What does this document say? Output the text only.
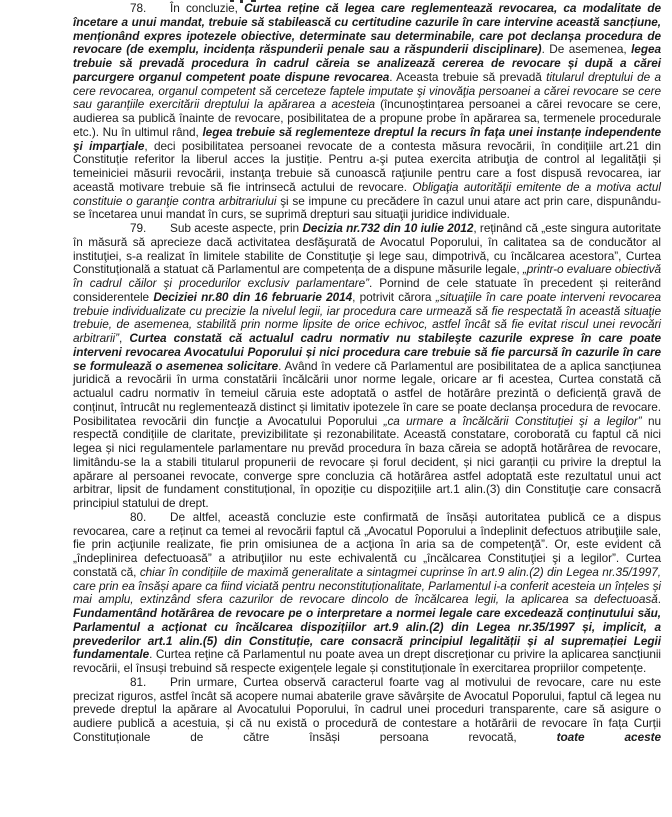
78. În concluzie, Curtea reține că legea care reglementează revocarea, ca modalitate de încetare a unui mandat, trebuie să stabilească cu certitudine cazurile în care intervine această sancțiune, menționând expres ipotezele obiective, determinate sau determinabile, care pot declanșa procedura de revocare (de exemplu, incidența răspunderii penale sau a răspunderii disciplinare). De asemenea, legea trebuie să prevadă procedura în cadrul căreia se analizează cererea de revocare și după a cărei parcurgere organul competent poate dispune revocarea. Aceasta trebuie să prevadă titularul dreptului de a cere revocarea, organul competent să cerceteze faptele imputate şi vinovăţia persoanei a cărei revocare se cere sau garanțiile exercitării dreptului la apărarea a acesteia (încunoștințarea persoanei a cărei revocare se cere, audierea sa publică înainte de revocare, posibilitatea de a propune probe în apărarea sa, termenele procedurale etc.). Nu în ultimul rând, legea trebuie să reglementeze dreptul la recurs în faţa unei instanțe independente şi imparţiale, deci posibilitatea persoanei revocate de a contesta măsura revocării, în condițiile art.21 din Constituție referitor la liberul acces la justiție. Pentru a-şi putea exercita atribuţia de control al legalităţii și temeiniciei măsurii revocării, instanţa trebuie să cunoască raţiunile pentru care a fost dispusă revocarea, iar această motivare trebuie să fie intrinsecă actului de revocare. Obligaţia autorităţii emitente de a motiva actul constituie o garanţie contra arbitrariului şi se impune cu precădere în cazul unui atare act prin care, dispunându-se încetarea unui mandat în curs, se suprimă drepturi sau situaţii juridice individuale.

79. Sub aceste aspecte, prin Decizia nr.732 din 10 iulie 2012, reținând că „este singura autoritate în măsură să aprecieze dacă activitatea desfăşurată de Avocatul Poporului, în calitatea sa de conducător al instituţiei, s-a realizat în limitele stabilite de Constituţie şi lege sau, dimpotrivă, cu încălcarea acestora”, Curtea Constituțională a statuat că Parlamentul are competența de a dispune măsurile legale, „printr-o evaluare obiectivă în cadrul căilor şi procedurilor exclusiv parlamentare”. Pornind de cele statuate în precedent și reiterând considerentele Deciziei nr.80 din 16 februarie 2014, potrivit cărora „situaţiile în care poate interveni revocarea trebuie individualizate cu precizie la nivelul legii, iar procedura care urmează să fie respectată în această situaţie trebuie, de asemenea, stabilită prin norme lipsite de orice echivoc, astfel încât să fie evitat riscul unei revocări arbitrarii”, Curtea constată că actualul cadru normativ nu stabileşte cazurile exprese în care poate interveni revocarea Avocatului Poporului și nici procedura care trebuie să fie parcursă în cazurile în care se formulează o asemenea solicitare. Având în vedere că Parlamentul are posibilitatea de a aplica sancțiunea juridică a revocării în urma constatării încălcării unor norme legale, oricare ar fi acestea, Curtea constată că actualul cadru normativ în temeiul căruia este adoptată o astfel de hotărâre prezintă o deficiență gravă de conținut, întrucât nu reglementează distinct și limitativ ipotezele în care se poate declanșa procedura de revocare. Posibilitatea revocării din funcţie a Avocatului Poporului „ca urmare a încălcării Constituţiei şi a legilor” nu respectă condițiile de claritate, previzibilitate și rezonabilitate. Această constatare, coroborată cu faptul că nici legea și nici regulamentele parlamentare nu prevăd procedura în baza căreia se adoptă hotărârea de revocare, limitându-se la a stabili titularul propunerii de revocare și forul decident, și nici garanții cu privire la dreptul la apărare al persoanei revocate, converge spre concluzia că hotărârea astfel adoptată este rezultatul unui act arbitrar, lipsit de fundament constituțional, în opoziție cu dispozițiile art.1 alin.(3) din Constituţie care consacră principiul statului de drept.

80. De altfel, această concluzie este confirmată de însăși autoritatea publică ce a dispus revocarea, care a reținut ca temei al revocării faptul că „Avocatul Poporului a îndeplinit defectuos atribuţiile sale, fie prin acţiunile realizate, fie prin omisiunea de a acţiona în aria sa de competenţă”. Or, este evident că „îndeplinirea defectuoasă” a atribuţiilor nu este echivalentă cu „încălcarea Constituţiei şi a legilor”. Curtea constată că, chiar în condițiile de maximă generalitate a sintagmei cuprinse în art.9 alin.(2) din Legea nr.35/1997, care prin ea însăși apare ca fiind viciată pentru neconstituționalitate, Parlamentul i-a conferit acesteia un înțeles și mai amplu, extinzând sfera cazurilor de revocare dincolo de încălcarea legii, la aplicarea sa defectuoasă. Fundamentând hotărârea de revocare pe o interpretare a normei legale care excedează conținutului său, Parlamentul a acționat cu încălcarea dispozițiilor art.9 alin.(2) din Legea nr.35/1997 și, implicit, a prevederilor art.1 alin.(5) din Constituție, care consacră principiul legalității și al supremației Legii fundamentale. Curtea reține că Parlamentul nu poate avea un drept discreționar cu privire la aplicarea sancțiunii revocării, el însuși trebuind să respecte exigențele legale și constituționale în exercitarea propriilor competențe.

81. Prin urmare, Curtea observă caracterul foarte vag al motivului de revocare, care nu este precizat riguros, astfel încât să acopere numai abaterile grave săvârșite de Avocatul Poporului, faptul că legea nu prevede dreptul la apărare al Avocatului Poporului, în cadrul unei proceduri transparente, care să asigure o audiere publică a acestuia, și că nu există o procedură de contestare a hotărârii de revocare în fața Curții Constituționale de către însăși persoana revocată, toate aceste
